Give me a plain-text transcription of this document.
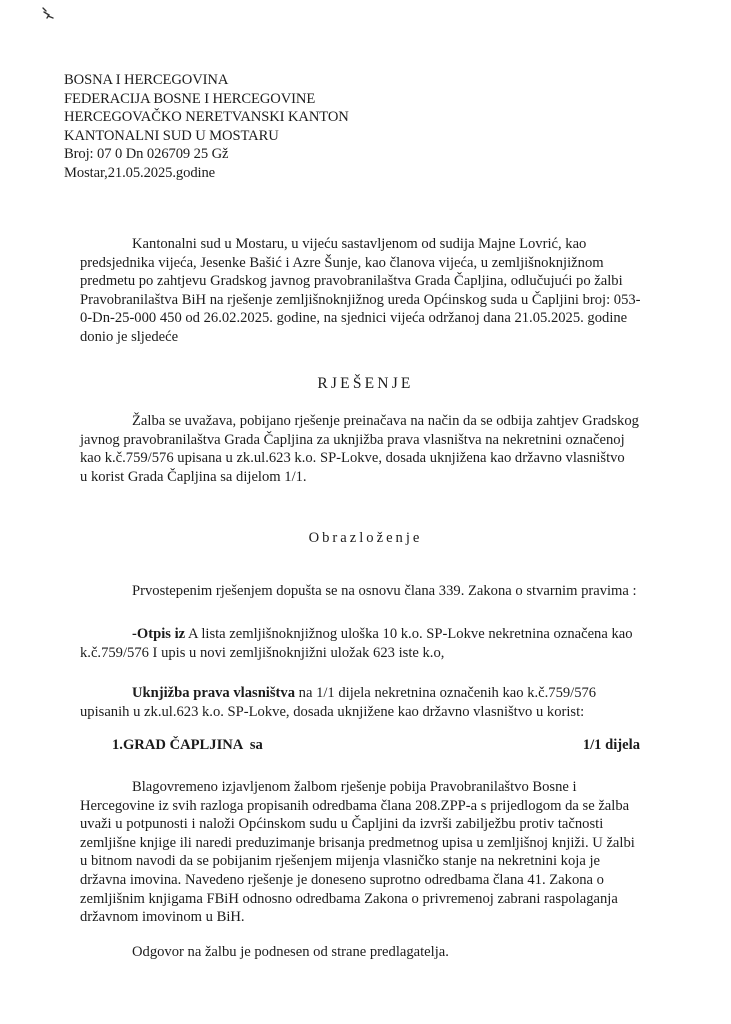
BOSNA I HERCEGOVINA
FEDERACIJA BOSNE I HERCEGOVINE
HERCEGOVAČKO NERETVANSKI KANTON
KANTONALNI SUD U MOSTARU
Broj: 07 0 Dn 026709 25 Gž
Mostar,21.05.2025.godine
Kantonalni sud u Mostaru, u vijeću sastavljenom od sudija Majne Lovrić, kao
predsjednika vijeća, Jesenke Bašić i Azre Šunje, kao članova vijeća, u zemljišnoknjižnom
predmetu po zahtjevu Gradskog javnog pravobranilaštva Grada Čapljina, odlučujući po žalbi
Pravobranilaštva BiH na rješenje zemljišnoknjižnog ureda Općinskog suda u Čapljini broj: 053-
0-Dn-25-000 450 od 26.02.2025. godine, na sjednici vijeća održanoj dana 21.05.2025. godine
donio je sljedeće
RJEŠENJE
Žalba se uvažava, pobijano rješenje preinačava na način da se odbija zahtjev Gradskog
javnog pravobranilaštva Grada Čapljina za uknjižba prava vlasništva na nekretnini označenoj
kao k.č.759/576 upisana u zk.ul.623 k.o. SP-Lokve, dosada uknjižena kao državno vlasništvo
u korist Grada Čapljina sa dijelom 1/1.
Obrazloženje
Prvostepenim rješenjem dopušta se na osnovu člana 339. Zakona o stvarnim pravima :
-Otpis iz A lista zemljišnoknjižnog uloška 10 k.o. SP-Lokve nekretnina označena kao
k.č.759/576 I upis u novi zemljišnoknjižni uložak 623 iste k.o,
Uknjižba prava vlasništva na 1/1 dijela nekretnina označenih kao k.č.759/576
upisanih u zk.ul.623 k.o. SP-Lokve, dosada uknjižene kao državno vlasništvo u korist:
1.GRAD ČAPLJINA  sa	1/1 dijela
Blagovremeno izjavljenom žalbom rješenje pobija Pravobranilaštvo Bosne i
Hercegovine iz svih razloga propisanih odredbama člana 208.ZPP-a s prijedlogom da se žalba
uvaži u potpunosti i naloži Općinskom sudu u Čapljini da izvrši zabilježbu protiv tačnosti
zemljišne knjige ili naredi preduzimanje brisanja predmetnog upisa u zemljišnoj knjiži. U žalbi
u bitnom navodi da se pobijanim rješenjem mijenja vlasničko stanje na nekretnini koja je
državna imovina. Navedeno rješenje je doneseno suprotno odredbama člana 41. Zakona o
zemljišnim knjigama FBiH odnosno odredbama Zakona o privremenoj zabrani raspolaganja
državnom imovinom u BiH.
Odgovor na žalbu je podnesen od strane predlagatelja.
